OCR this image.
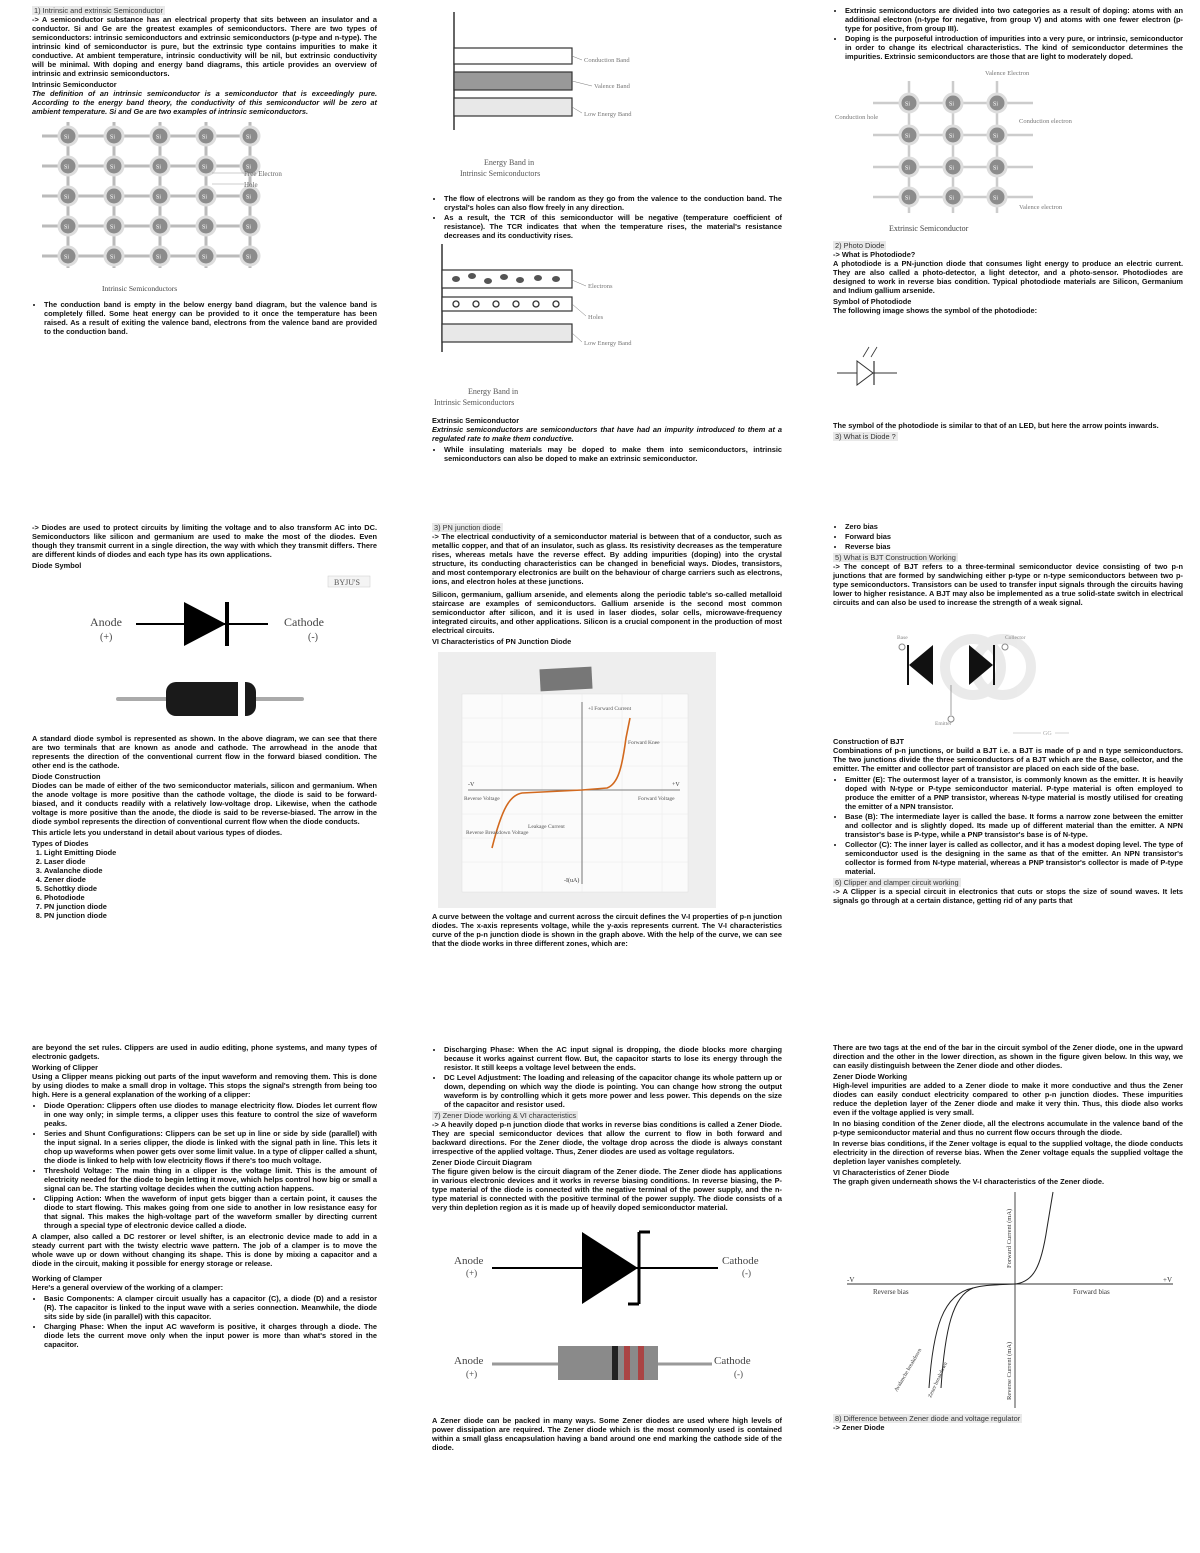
1) Intrinsic and extrinsic Semiconductor

-> A semiconductor substance has an electrical property that sits between an insulator and a conductor. Si and Ge are the greatest examples of semiconductors. There are two types of semiconductors: intrinsic semiconductors and extrinsic semiconductors (p-type and n-type). The intrinsic kind of semiconductor is pure, but the extrinsic type contains impurities to make it conductive. At ambient temperature, intrinsic conductivity will be nil, but extrinsic conductivity will be minimal. With doping and energy band diagrams, this article provides an overview of intrinsic and extrinsic semiconductors.

Intrinsic Semiconductor

The definition of an intrinsic semiconductor is a semiconductor that is exceedingly pure. According to the energy band theory, the conductivity of this semiconductor will be zero at ambient temperature. Si and Ge are two examples of intrinsic semiconductors.

Si	Si	Si	Si	Si
Si	Si	Si	Si	Si
Si	Si	Si	Si	Si
Si	Si	Si	Si	Si
Si	Si	Si	Si	Si
Free Electron
Hole
Intrinsic Semiconductors
• The conduction band is empty in the below energy band diagram, but the valence band is completely filled. Some heat energy can be provided to it once the temperature has been raised. As a result of exiting the valence band, electrons from the valence band are provided to the conduction band.

-> Diodes are used to protect circuits by limiting the voltage and to also transform AC into DC. Semiconductors like silicon and germanium are used to make the most of the diodes. Even though they transmit current in a single direction, the way with which they transmit differs. There are different kinds of diodes and each type has its own applications.

Diode Symbol

BYJU'S
Anode
(+)
Cathode
(-)

A standard diode symbol is represented as shown. In the above diagram, we can see that there are two terminals that are known as anode and cathode. The arrowhead in the anode that represents the direction of the conventional current flow in the forward biased condition. The other end is the cathode.

Diode Construction

Diodes can be made of either of the two semiconductor materials, silicon and germanium. When the anode voltage is more positive than the cathode voltage, the diode is said to be forward-biased, and it conducts readily with a relatively low-voltage drop. Likewise, when the cathode voltage is more positive than the anode, the diode is said to be reverse-biased. The arrow in the diode symbol represents the direction of conventional current flow when the diode conducts.

This article lets you understand in detail about various types of diodes.

Types of Diodes

1. Light Emitting Diode
2. Laser diode
3. Avalanche diode
4. Zener diode
5. Schottky diode
6. Photodiode
7. PN junction diode
8. PN junction diode

are beyond the set rules. Clippers are used in audio editing, phone systems, and many types of electronic gadgets.

Working of Clipper

Using a Clipper means picking out parts of the input waveform and removing them. This is done by using diodes to make a small drop in voltage. This stops the signal's strength from being too high. Here is a general explanation of the working of a clipper:

• Diode Operation: Clippers often use diodes to manage electricity flow. Diodes let current flow in one way only; in simple terms, a clipper uses this feature to control the size of waveform peaks.
• Series and Shunt Configurations: Clippers can be set up in line or side by side (parallel) with the input signal. In a series clipper, the diode is linked with the signal path in line. This lets it chop up waveforms when power gets over some limit value. In a type of clipper called a shunt, the diode is linked to help with low electricity flows if there's too much voltage.
• Threshold Voltage: The main thing in a clipper is the voltage limit. This is the amount of electricity needed for the diode to begin letting it move, which helps control how big or small a signal can be. The starting voltage decides when the cutting action happens.
• Clipping Action: When the waveform of input gets bigger than a certain point, it causes the diode to start flowing. This makes going from one side to another in low resistance easy for that signal. This makes the high-voltage part of the waveform smaller by directing current through a special type of electronic device called a diode.

A clamper, also called a DC restorer or level shifter, is an electronic device made to add in a steady current part with the twisty electric wave pattern. The job of a clamper is to move the whole wave up or down without changing its shape. This is done by mixing a capacitor and a diode in the circuit, making it possible for energy storage or release.

Working of Clamper

Here's a general overview of the working of a clamper:

• Basic Components: A clamper circuit usually has a capacitor (C), a diode (D) and a resistor (R). The capacitor is linked to the input wave with a series connection. Meanwhile, the diode sits side by side (in parallel) with this capacitor.
• Charging Phase: When the input AC waveform is positive, it charges through a diode. The diode lets the current move only when the input power is more than what's stored in the capacitor.
Conduction Band
Valence Band
Low Energy Band
Energy Band in
Intrinsic Semiconductors
• The flow of electrons will be random as they go from the valence to the conduction band. The crystal's holes can also flow freely in any direction.
• As a result, the TCR of this semiconductor will be negative (temperature coefficient of resistance). The TCR indicates that when the temperature rises, the material's resistance decreases and its conductivity rises.
Electrons
Holes
Low Energy Band
Energy Band in
Intrinsic Semiconductors

Extrinsic Semiconductor

Extrinsic semiconductors are semiconductors that have had an impurity introduced to them at a regulated rate to make them conductive.

• While insulating materials may be doped to make them into semiconductors, intrinsic semiconductors can also be doped to make an extrinsic semiconductor.
3) PN junction diode

-> The electrical conductivity of a semiconductor material is between that of a conductor, such as metallic copper, and that of an insulator, such as glass. Its resistivity decreases as the temperature rises, whereas metals have the reverse effect. By adding impurities (doping) into the crystal structure, its conducting characteristics can be changed in beneficial ways. Diodes, transistors, and most contemporary electronics are built on the behaviour of charge carriers such as electrons, ions, and electron holes at these junctions.

Silicon, germanium, gallium arsenide, and elements along the periodic table's so-called metalloid staircase are examples of semiconductors. Gallium arsenide is the second most common semiconductor after silicon, and it is used in laser diodes, solar cells, microwave-frequency integrated circuits, and other applications. Silicon is a crucial component in the production of most electrical circuits.

VI Characteristics of PN Junction Diode

+I Forward Current
Reverse Voltage	Forward Voltage
Forward Knee
Reverse Breakdown Voltage
Leakage Current
-V	+V
-I(uA)

A curve between the voltage and current across the circuit defines the V-I properties of p-n junction diodes. The x-axis represents voltage, while the y-axis represents current. The V-I characteristics curve of the p-n junction diode is shown in the graph above. With the help of the curve, we can see that the diode works in three different zones, which are:

• Discharging Phase: When the AC input signal is dropping, the diode blocks more charging because it works against current flow. But, the capacitor starts to lose its energy through the resistor. It still keeps a voltage level between the ends.
• DC Level Adjustment: The loading and releasing of the capacitor change its whole pattern up or down, depending on which way the diode is pointing. You can change how strong the output waveform is by controlling which it gets more power and less power. This depends on the size of the capacitor and resistor used.
7) Zener Diode working & VI characteristics

-> A heavily doped p-n junction diode that works in reverse bias conditions is called a Zener Diode. They are special semiconductor devices that allow the current to flow in both forward and backward directions. For the Zener diode, the voltage drop across the diode is always constant irrespective of the applied voltage. Thus, Zener diodes are used as voltage regulators.

Zener Diode Circuit Diagram

The figure given below is the circuit diagram of the Zener diode. The Zener diode has applications in various electronic devices and it works in reverse biasing conditions. In reverse biasing, the P-type material of the diode is connected with the negative terminal of the power supply, and the n-type material is connected with the positive terminal of the power supply. The diode consists of a very thin depletion region as it is made up of heavily doped semiconductor material.

Anode
(+)
Cathode
(-)
Anode
(+)
Cathode
(-)

A Zener diode can be packed in many ways. Some Zener diodes are used where high levels of power dissipation are required. The Zener diode which is the most commonly used is contained within a small glass encapsulation having a band around one end marking the cathode side of the diode.

• Extrinsic semiconductors are divided into two categories as a result of doping: atoms with an additional electron (n-type for negative, from group V) and atoms with one fewer electron (p-type for positive, from group III).
• Doping is the purposeful introduction of impurities into a very pure, or intrinsic, semiconductor in order to change its electrical characteristics. The kind of semiconductor determines the impurities. Extrinsic semiconductors are those that are light to moderately doped.
Si	Si	Si
Si	Si	Si
Si	Si	Si
Si	Si	Si
Valence Electron
Conduction hole
Conduction electron
Valence electron
Extrinsic Semiconductor
2) Photo Diode

-> What is Photodiode?

A photodiode is a PN-junction diode that consumes light energy to produce an electric current. They are also called a photo-detector, a light detector, and a photo-sensor. Photodiodes are designed to work in reverse bias condition. Typical photodiode materials are Silicon, Germanium and Indium gallium arsenide.

Symbol of Photodiode

The following image shows the symbol of the photodiode:

The symbol of the photodiode is similar to that of an LED, but here the arrow points inwards.

3) What is Diode ?
• Zero bias
• Forward bias
• Reverse bias
5) What is BJT Construction Working

-> The concept of BJT refers to a three-terminal semiconductor device consisting of two p-n junctions that are formed by sandwiching either p-type or n-type semiconductors between two p-type semiconductors. Transistors can be used to transfer input signals through the circuits having lower to higher resistance. A BJT may also be implemented as a true solid-state switch in electrical circuits and can also be used to increase the strength of a weak signal.

Base	Collector
Emitter
GG

Construction of BJT

Combinations of p-n junctions, or build a BJT i.e. a BJT is made of p and n type semiconductors. The two junctions divide the three semiconductors of a BJT which are the Base, collector, and the emitter. The emitter and collector part of transistor are placed on each side of the base.

• Emitter (E): The outermost layer of a transistor, is commonly known as the emitter. It is heavily doped with N-type or P-type semiconductor material. P-type material is often employed to produce the emitter of a PNP transistor, whereas N-type material is mostly utilised for creating the emitter of a NPN transistor.
• Base (B): The intermediate layer is called the base. It forms a narrow zone between the emitter and collector and is slightly doped. Its made up of different material than the emitter. A NPN transistor's base is P-type, while a PNP transistor's base is of N-type.
• Collector (C): The inner layer is called as collector, and it has a modest doping level. The type of semiconductor used is the designing in the same as that of the emitter. An NPN transistor's collector is formed from N-type material, whereas a PNP transistor's collector is made of P-type material.
6) Clipper and clamper circuit working

-> A Clipper is a special circuit in electronics that cuts or stops the size of sound waves. It lets signals go through at a certain distance, getting rid of any parts that

There are two tags at the end of the bar in the circuit symbol of the Zener diode, one in the upward direction and the other in the lower direction, as shown in the figure given below. In this way, we can easily distinguish between the Zener diode and other diodes.

Zener Diode Working

High-level impurities are added to a Zener diode to make it more conductive and thus the Zener diodes can easily conduct electricity compared to other p-n junction diodes. These impurities reduce the depletion layer of the Zener diode and make it very thin. Thus, this diode also works even if the voltage applied is very small.

In no biasing condition of the Zener diode, all the electrons accumulate in the valence band of the p-type semiconductor material and thus no current flow occurs through the diode.

In reverse bias conditions, if the Zener voltage is equal to the supplied voltage, the diode conducts electricity in the direction of reverse bias. When the Zener voltage equals the supplied voltage the depletion layer vanishes completely.

VI Characteristics of Zener Diode

The graph given underneath shows the V-I characteristics of the Zener diode.

-V	+V
Reverse bias	Forward bias
Forward Current (mA)
Reverse Current (mA)
Avalanche breakdown Zener breakdown
8) Difference between Zener diode and voltage regulator

-> Zener Diode
